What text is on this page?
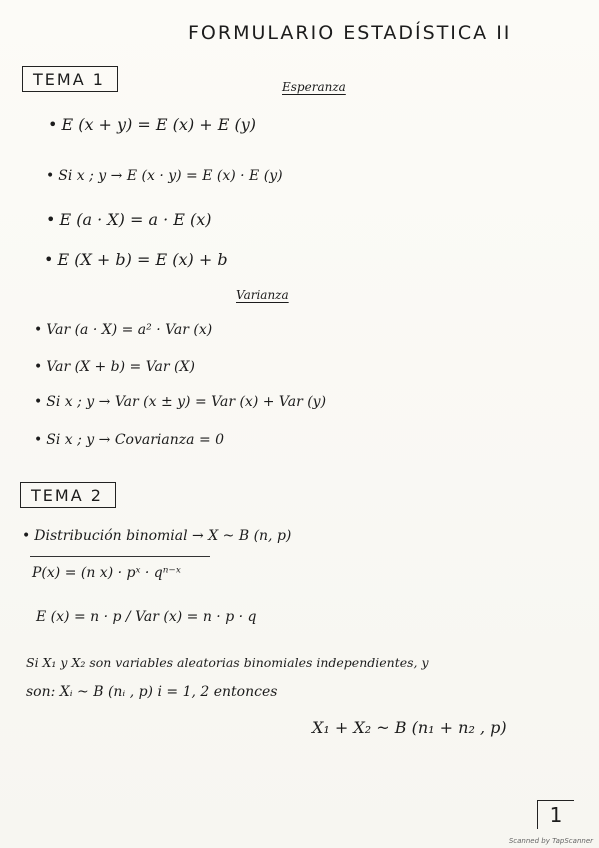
FORMULARIO ESTADÍSTICA II
TEMA 1	Esperanza
• E (x + y) = E (x) + E (y)
• Si x ; y → E (x · y) = E (x) · E (y)
• E (a · X) = a · E (x)
• E (X + b) = E (x) + b
Varianza
• Var (a · X) = a² · Var (x)
• Var (X + b) = Var (X)
• Si x ; y → Var (x ± y) = Var (x) + Var (y)
• Si x ; y → Covarianza = 0
TEMA 2
• Distribución binomial → X ~ B (n, p)
P(x) = (n x) · pˣ · qⁿ⁻ˣ
E (x) = n · p / Var (x) = n · p · q
Si X₁ y X₂ son variables aleatorias binomiales independientes, y
son: Xᵢ ~ B (nᵢ , p) i = 1, 2 entonces
X₁ + X₂ ~ B (n₁ + n₂ , p)
1
Scanned by TapScanner
